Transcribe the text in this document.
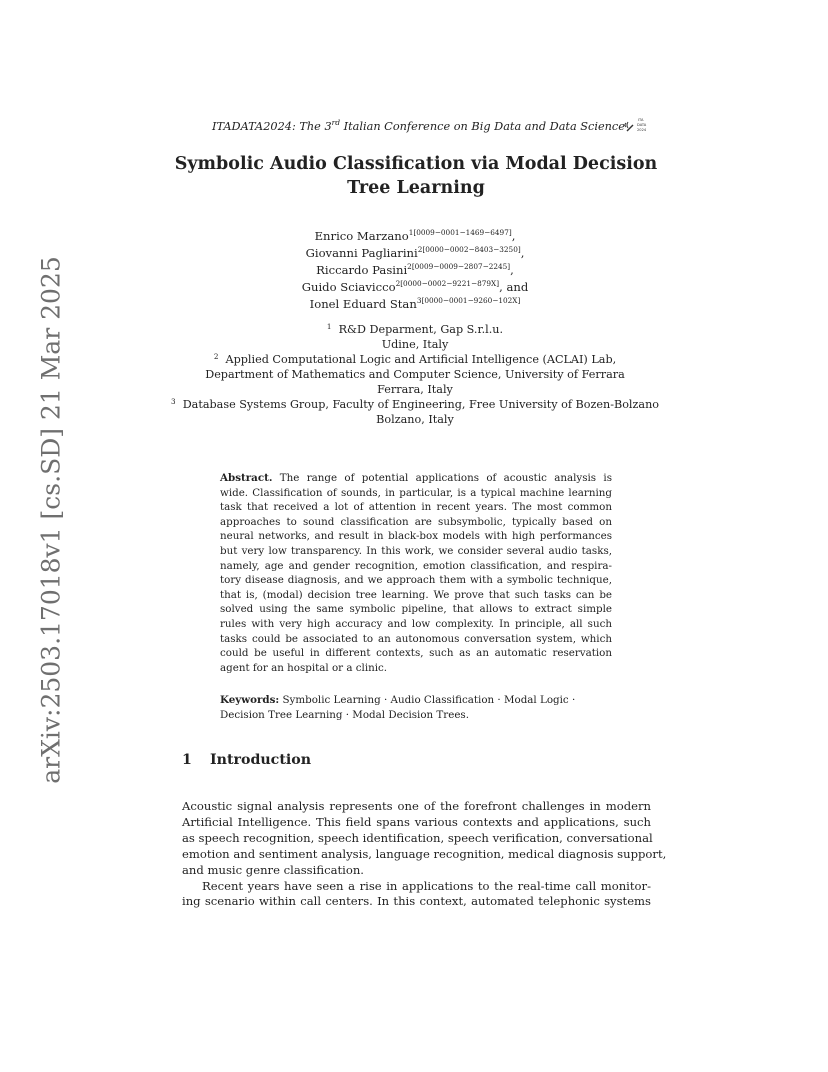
arXiv:2503.17018v1 [cs.SD] 21 Mar 2025
ITADATA2024: The 3rd Italian Conference on Big Data and Data Science	ITA
DATA
2024
Symbolic Audio Classification via Modal Decision
Tree Learning
Enrico Marzano$^{1[0009-0001-1469-6497]}$,
Giovanni Pagliarini$^{2[0000-0002-8403-3250]}$,
Riccardo Pasini$^{2[0009-0009-2807-2245]}$,
Guido Sciavicco$^{2[0000-0002-9221-879X]}$, and
Ionel Eduard Stan$^{3[0000-0001-9260-102X]}$
$^1$ R&D Deparment, Gap S.r.l.u.
Udine, Italy
$^2$ Applied Computational Logic and Artificial Intelligence (ACLAI) Lab,
Department of Mathematics and Computer Science, University of Ferrara
Ferrara, Italy
$^3$ Database Systems Group, Faculty of Engineering, Free University of Bozen-Bolzano
Bolzano, Italy
Abstract. The range of potential applications of acoustic analysis is
wide. Classification of sounds, in particular, is a typical machine learning
task that received a lot of attention in recent years. The most common
approaches to sound classification are subsymbolic, typically based on
neural networks, and result in black-box models with high performances
but very low transparency. In this work, we consider several audio tasks,
namely, age and gender recognition, emotion classification, and respira-
tory disease diagnosis, and we approach them with a symbolic technique,
that is, (modal) decision tree learning. We prove that such tasks can be
solved using the same symbolic pipeline, that allows to extract simple
rules with very high accuracy and low complexity. In principle, all such
tasks could be associated to an autonomous conversation system, which
could be useful in different contexts, such as an automatic reservation
agent for an hospital or a clinic.
Keywords: Symbolic Learning · Audio Classification · Modal Logic ·
Decision Tree Learning · Modal Decision Trees.
1 Introduction
Acoustic signal analysis represents one of the forefront challenges in modern
Artificial Intelligence. This field spans various contexts and applications, such
as speech recognition, speech identification, speech verification, conversational
emotion and sentiment analysis, language recognition, medical diagnosis support,
and music genre classification.
Recent years have seen a rise in applications to the real-time call monitor-
ing scenario within call centers. In this context, automated telephonic systems
